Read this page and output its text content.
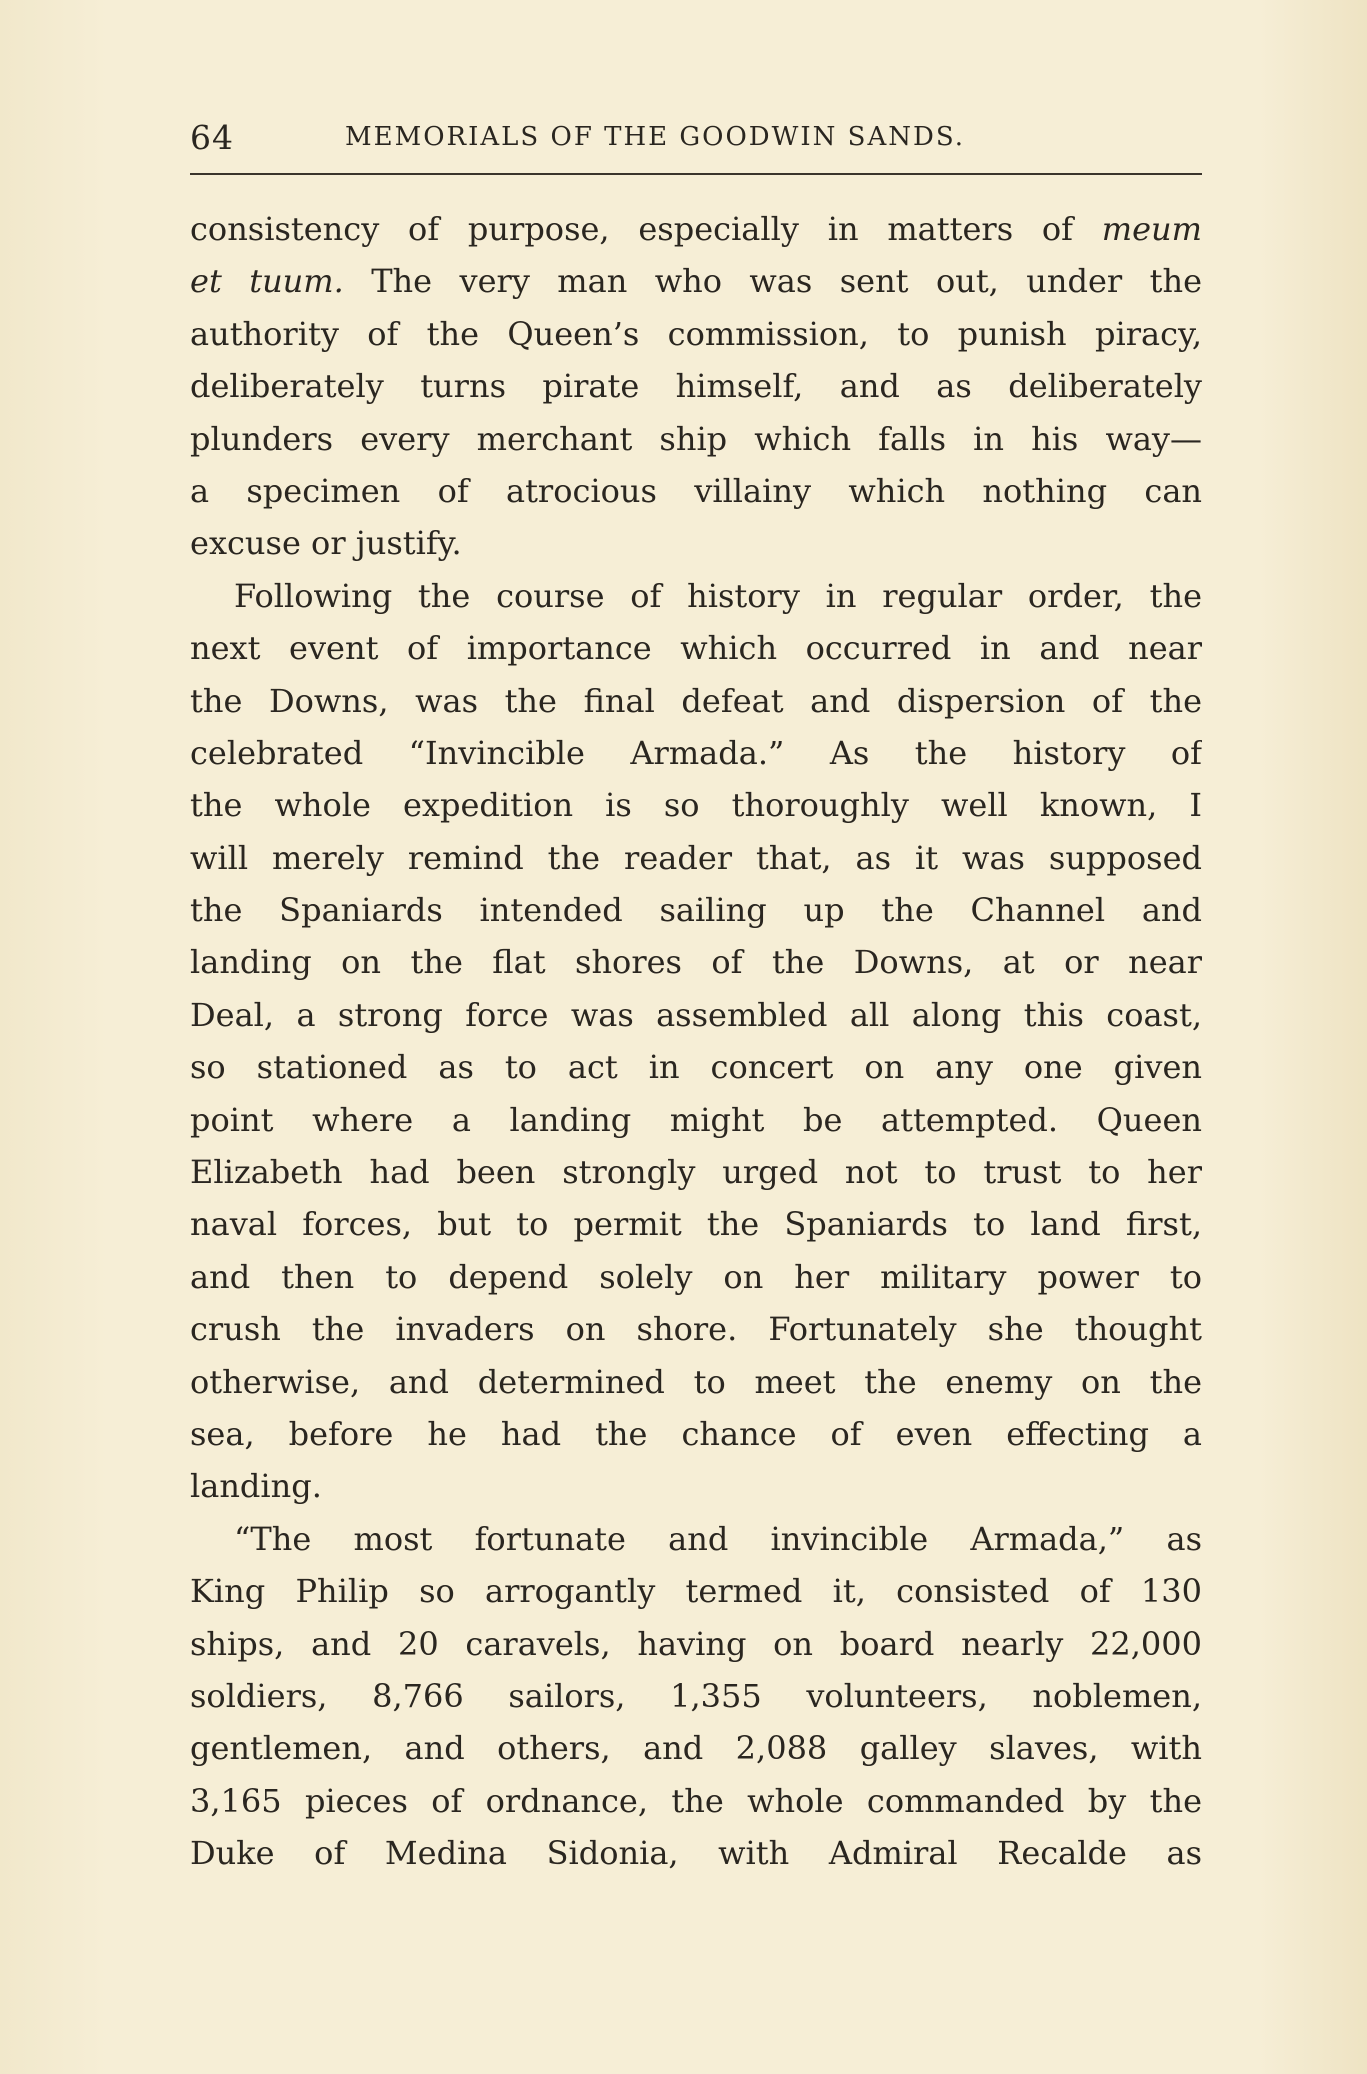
64	MEMORIALS OF THE GOODWIN SANDS.
consistency of purpose, especially in matters of meum
et tuum. The very man who was sent out, under the
authority of the Queen’s commission, to punish piracy,
deliberately turns pirate himself, and as deliberately
plunders every merchant ship which falls in his way—
a specimen of atrocious villainy which nothing can
excuse or justify.
Following the course of history in regular order, the
next event of importance which occurred in and near
the Downs, was the final defeat and dispersion of the
celebrated “Invincible Armada.” As the history of
the whole expedition is so thoroughly well known, I
will merely remind the reader that, as it was supposed
the Spaniards intended sailing up the Channel and
landing on the flat shores of the Downs, at or near
Deal, a strong force was assembled all along this coast,
so stationed as to act in concert on any one given
point where a landing might be attempted. Queen
Elizabeth had been strongly urged not to trust to her
naval forces, but to permit the Spaniards to land first,
and then to depend solely on her military power to
crush the invaders on shore. Fortunately she thought
otherwise, and determined to meet the enemy on the
sea, before he had the chance of even effecting a
landing.
“The most fortunate and invincible Armada,” as
King Philip so arrogantly termed it, consisted of 130
ships, and 20 caravels, having on board nearly 22,000
soldiers, 8,766 sailors, 1,355 volunteers, noblemen,
gentlemen, and others, and 2,088 galley slaves, with
3,165 pieces of ordnance, the whole commanded by the
Duke of Medina Sidonia, with Admiral Recalde as
